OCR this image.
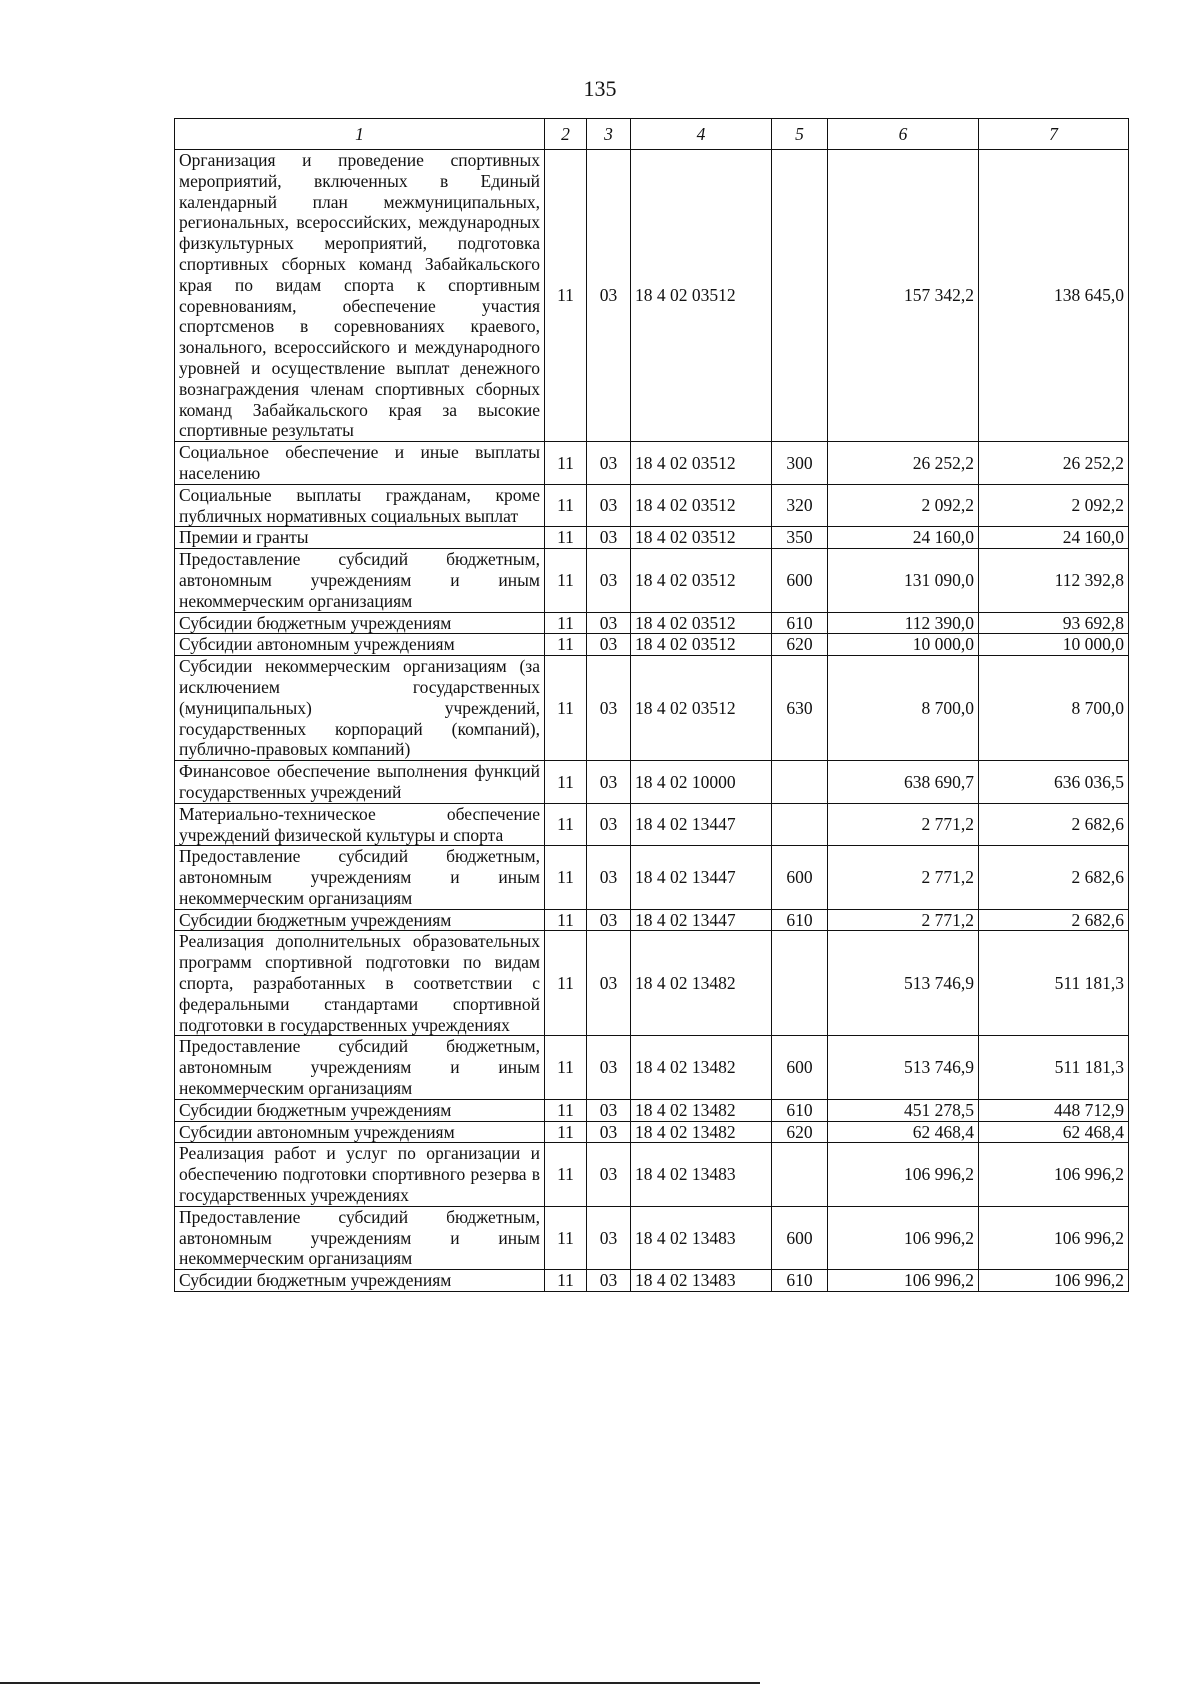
135
1	2	3	4	5	6	7
Организация и проведение спортивных мероприятий, включенных в Единый календарный план межмуниципальных, региональных, всероссийских, международных физкультурных мероприятий, подготовка спортивных сборных команд Забайкальского края по видам спорта к спортивным соревнованиям, обеспечение участия спортсменов в соревнованиях краевого, зонального, всероссийского и международного уровней и осуществление выплат денежного вознаграждения членам спортивных сборных команд Забайкальского края за высокие спортивные результаты	11	03	18 4 02 03512		157 342,2	138 645,0
Социальное обеспечение и иные выплаты населению	11	03	18 4 02 03512	300	26 252,2	26 252,2
Социальные выплаты гражданам, кроме публичных нормативных социальных выплат	11	03	18 4 02 03512	320	2 092,2	2 092,2
Премии и гранты	11	03	18 4 02 03512	350	24 160,0	24 160,0
Предоставление субсидий бюджетным, автономным учреждениям и иным некоммерческим организациям	11	03	18 4 02 03512	600	131 090,0	112 392,8
Субсидии бюджетным учреждениям	11	03	18 4 02 03512	610	112 390,0	93 692,8
Субсидии автономным учреждениям	11	03	18 4 02 03512	620	10 000,0	10 000,0
Субсидии некоммерческим организациям (за исключением государственных (муниципальных) учреждений, государственных корпораций (компаний), публично-правовых компаний)	11	03	18 4 02 03512	630	8 700,0	8 700,0
Финансовое обеспечение выполнения функций государственных учреждений	11	03	18 4 02 10000		638 690,7	636 036,5
Материально-техническое обеспечение учреждений физической культуры и спорта	11	03	18 4 02 13447		2 771,2	2 682,6
Предоставление субсидий бюджетным, автономным учреждениям и иным некоммерческим организациям	11	03	18 4 02 13447	600	2 771,2	2 682,6
Субсидии бюджетным учреждениям	11	03	18 4 02 13447	610	2 771,2	2 682,6
Реализация дополнительных образовательных программ спортивной подготовки по видам спорта, разработанных в соответствии с федеральными стандартами спортивной подготовки в государственных учреждениях	11	03	18 4 02 13482		513 746,9	511 181,3
Предоставление субсидий бюджетным, автономным учреждениям и иным некоммерческим организациям	11	03	18 4 02 13482	600	513 746,9	511 181,3
Субсидии бюджетным учреждениям	11	03	18 4 02 13482	610	451 278,5	448 712,9
Субсидии автономным учреждениям	11	03	18 4 02 13482	620	62 468,4	62 468,4
Реализация работ и услуг по организации и обеспечению подготовки спортивного резерва в государственных учреждениях	11	03	18 4 02 13483		106 996,2	106 996,2
Предоставление субсидий бюджетным, автономным учреждениям и иным некоммерческим организациям	11	03	18 4 02 13483	600	106 996,2	106 996,2
Субсидии бюджетным учреждениям	11	03	18 4 02 13483	610	106 996,2	106 996,2
